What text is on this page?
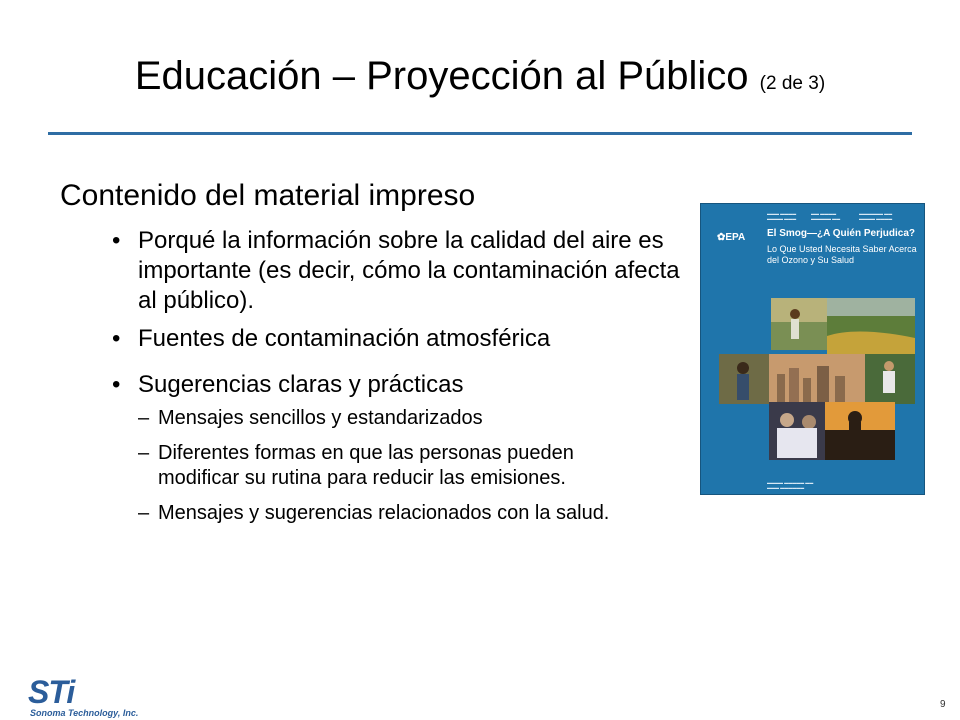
Educación – Proyección al Público (2 de 3)
Contenido del material impreso
• Porqué la información sobre la calidad del aire es importante (es decir, cómo la contaminación afecta al público).
• Fuentes de contaminación atmosférica
• Sugerencias claras y prácticas
– Mensajes sencillos y estandarizados
– Diferentes formas en que las personas pueden modificar su rutina para reducir las emisiones.
– Mensajes y sugerencias relacionados con la salud.
▬▬▬ ▬▬▬▬
▬▬▬▬ ▬▬▬
▬▬ ▬▬▬▬
▬▬▬▬▬ ▬▬
▬▬▬▬▬▬ ▬▬
▬▬▬▬ ▬▬▬▬
✿EPA El Smog—¿A Quién Perjudica?
Lo Que Usted Necesita Saber Acerca del Ozono y Su Salud
▬▬▬▬ ▬▬▬▬▬ ▬▬
▬▬▬ ▬▬▬▬▬▬
STi
Sonoma Technology, Inc.
9
